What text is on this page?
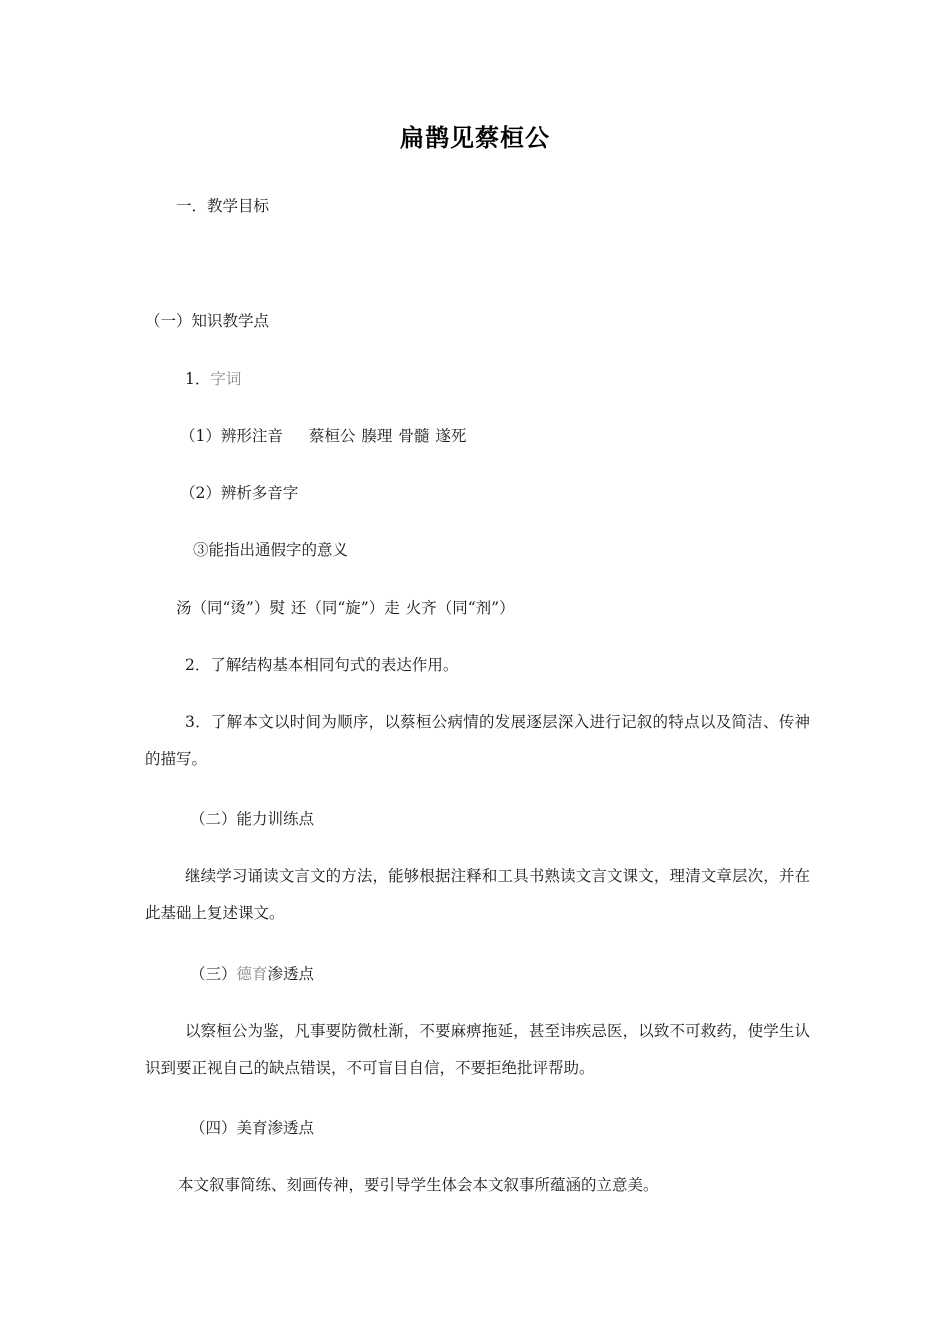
扁鹊见蔡桓公
一．教学目标
（一）知识教学点
1．字词
（1）辨形注音 蔡桓公 腠理 骨髓 遂死
（2）辨析多音字
③能指出通假字的意义
汤（同“烫”）熨 还（同“旋”）走 火齐（同“剂”）
2．了解结构基本相同句式的表达作用。
3．了解本文以时间为顺序，以蔡桓公病情的发展逐层深入进行记叙的特点以及简洁、传神的描写。
（二）能力训练点
继续学习诵读文言文的方法，能够根据注释和工具书熟读文言文课文，理清文章层次，并在此基础上复述课文。
（三）德育渗透点
以察桓公为鉴，凡事要防微杜渐，不要麻痹拖延，甚至讳疾忌医，以致不可救药，使学生认识到要正视自己的缺点错误，不可盲目自信，不要拒绝批评帮助。
（四）美育渗透点
本文叙事简练、刻画传神，要引导学生体会本文叙事所蕴涵的立意美。
